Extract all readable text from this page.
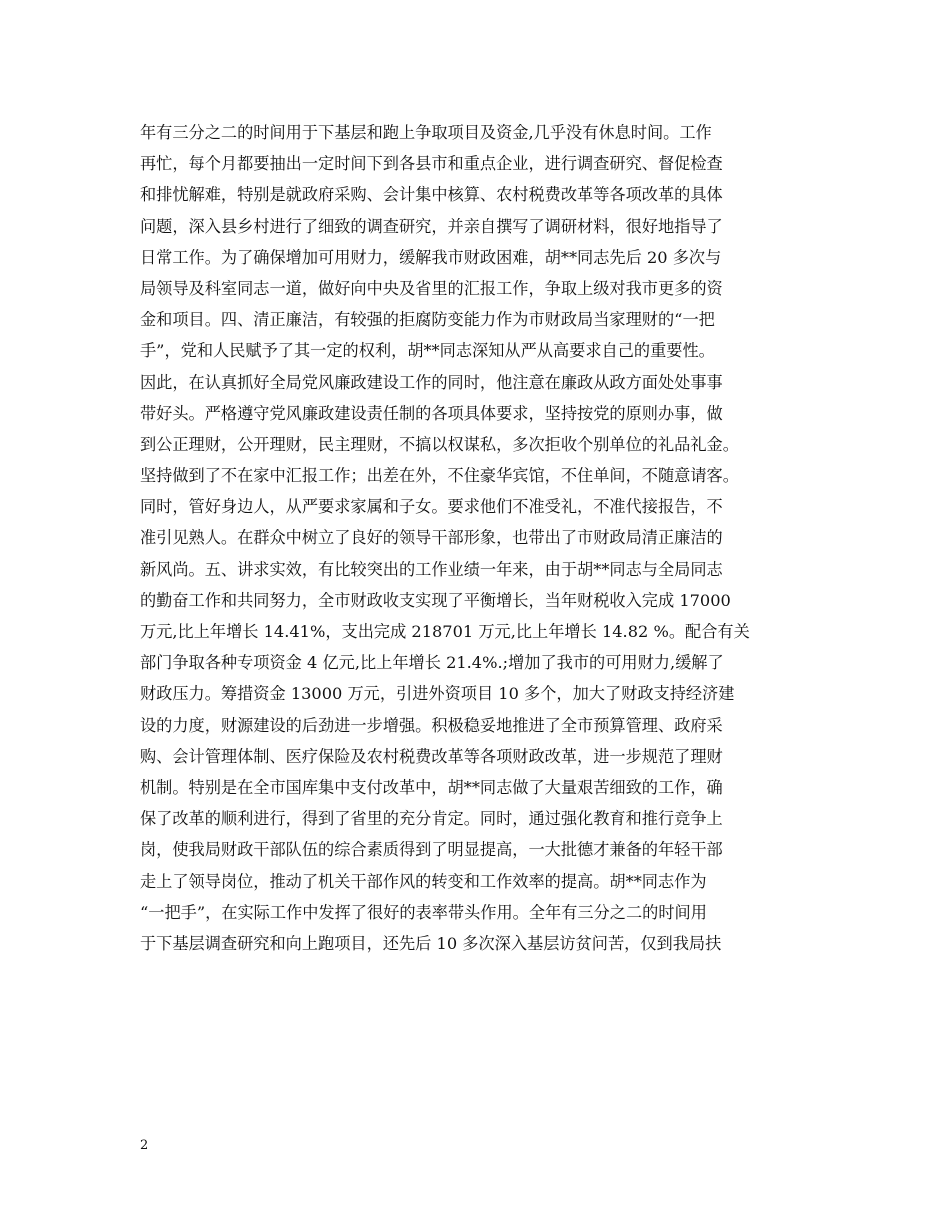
年有三分之二的时间用于下基层和跑上争取项目及资金,几乎没有休息时间。工作
再忙，每个月都要抽出一定时间下到各县市和重点企业，进行调查研究、督促检查
和排忧解难，特别是就政府采购、会计集中核算、农村税费改革等各项改革的具体
问题，深入县乡村进行了细致的调查研究，并亲自撰写了调研材料，很好地指导了
日常工作。为了确保增加可用财力，缓解我市财政困难，胡**同志先后 20 多次与
局领导及科室同志一道，做好向中央及省里的汇报工作，争取上级对我市更多的资
金和项目。四、清正廉洁，有较强的拒腐防变能力作为市财政局当家理财的“一把
手”，党和人民赋予了其一定的权利，胡**同志深知从严从高要求自己的重要性。
因此，在认真抓好全局党风廉政建设工作的同时，他注意在廉政从政方面处处事事
带好头。严格遵守党风廉政建设责任制的各项具体要求，坚持按党的原则办事，做
到公正理财，公开理财，民主理财，不搞以权谋私，多次拒收个别单位的礼品礼金。
坚持做到了不在家中汇报工作；出差在外，不住豪华宾馆，不住单间，不随意请客。
同时，管好身边人，从严要求家属和子女。要求他们不准受礼，不准代接报告，不
准引见熟人。在群众中树立了良好的领导干部形象，也带出了市财政局清正廉洁的
新风尚。五、讲求实效，有比较突出的工作业绩一年来，由于胡**同志与全局同志
的勤奋工作和共同努力，全市财政收支实现了平衡增长，当年财税收入完成 17000
万元,比上年增长 14.41%，支出完成 218701 万元,比上年增长 14.82 %。配合有关
部门争取各种专项资金 4 亿元,比上年增长 21.4%.;增加了我市的可用财力,缓解了
财政压力。筹措资金 13000 万元，引进外资项目 10 多个，加大了财政支持经济建
设的力度，财源建设的后劲进一步增强。积极稳妥地推进了全市预算管理、政府采
购、会计管理体制、医疗保险及农村税费改革等各项财政改革，进一步规范了理财
机制。特别是在全市国库集中支付改革中，胡**同志做了大量艰苦细致的工作，确
保了改革的顺利进行，得到了省里的充分肯定。同时，通过强化教育和推行竞争上
岗，使我局财政干部队伍的综合素质得到了明显提高，一大批德才兼备的年轻干部
走上了领导岗位，推动了机关干部作风的转变和工作效率的提高。胡**同志作为
“一把手”，在实际工作中发挥了很好的表率带头作用。全年有三分之二的时间用
于下基层调查研究和向上跑项目，还先后 10 多次深入基层访贫问苦，仅到我局扶
2
